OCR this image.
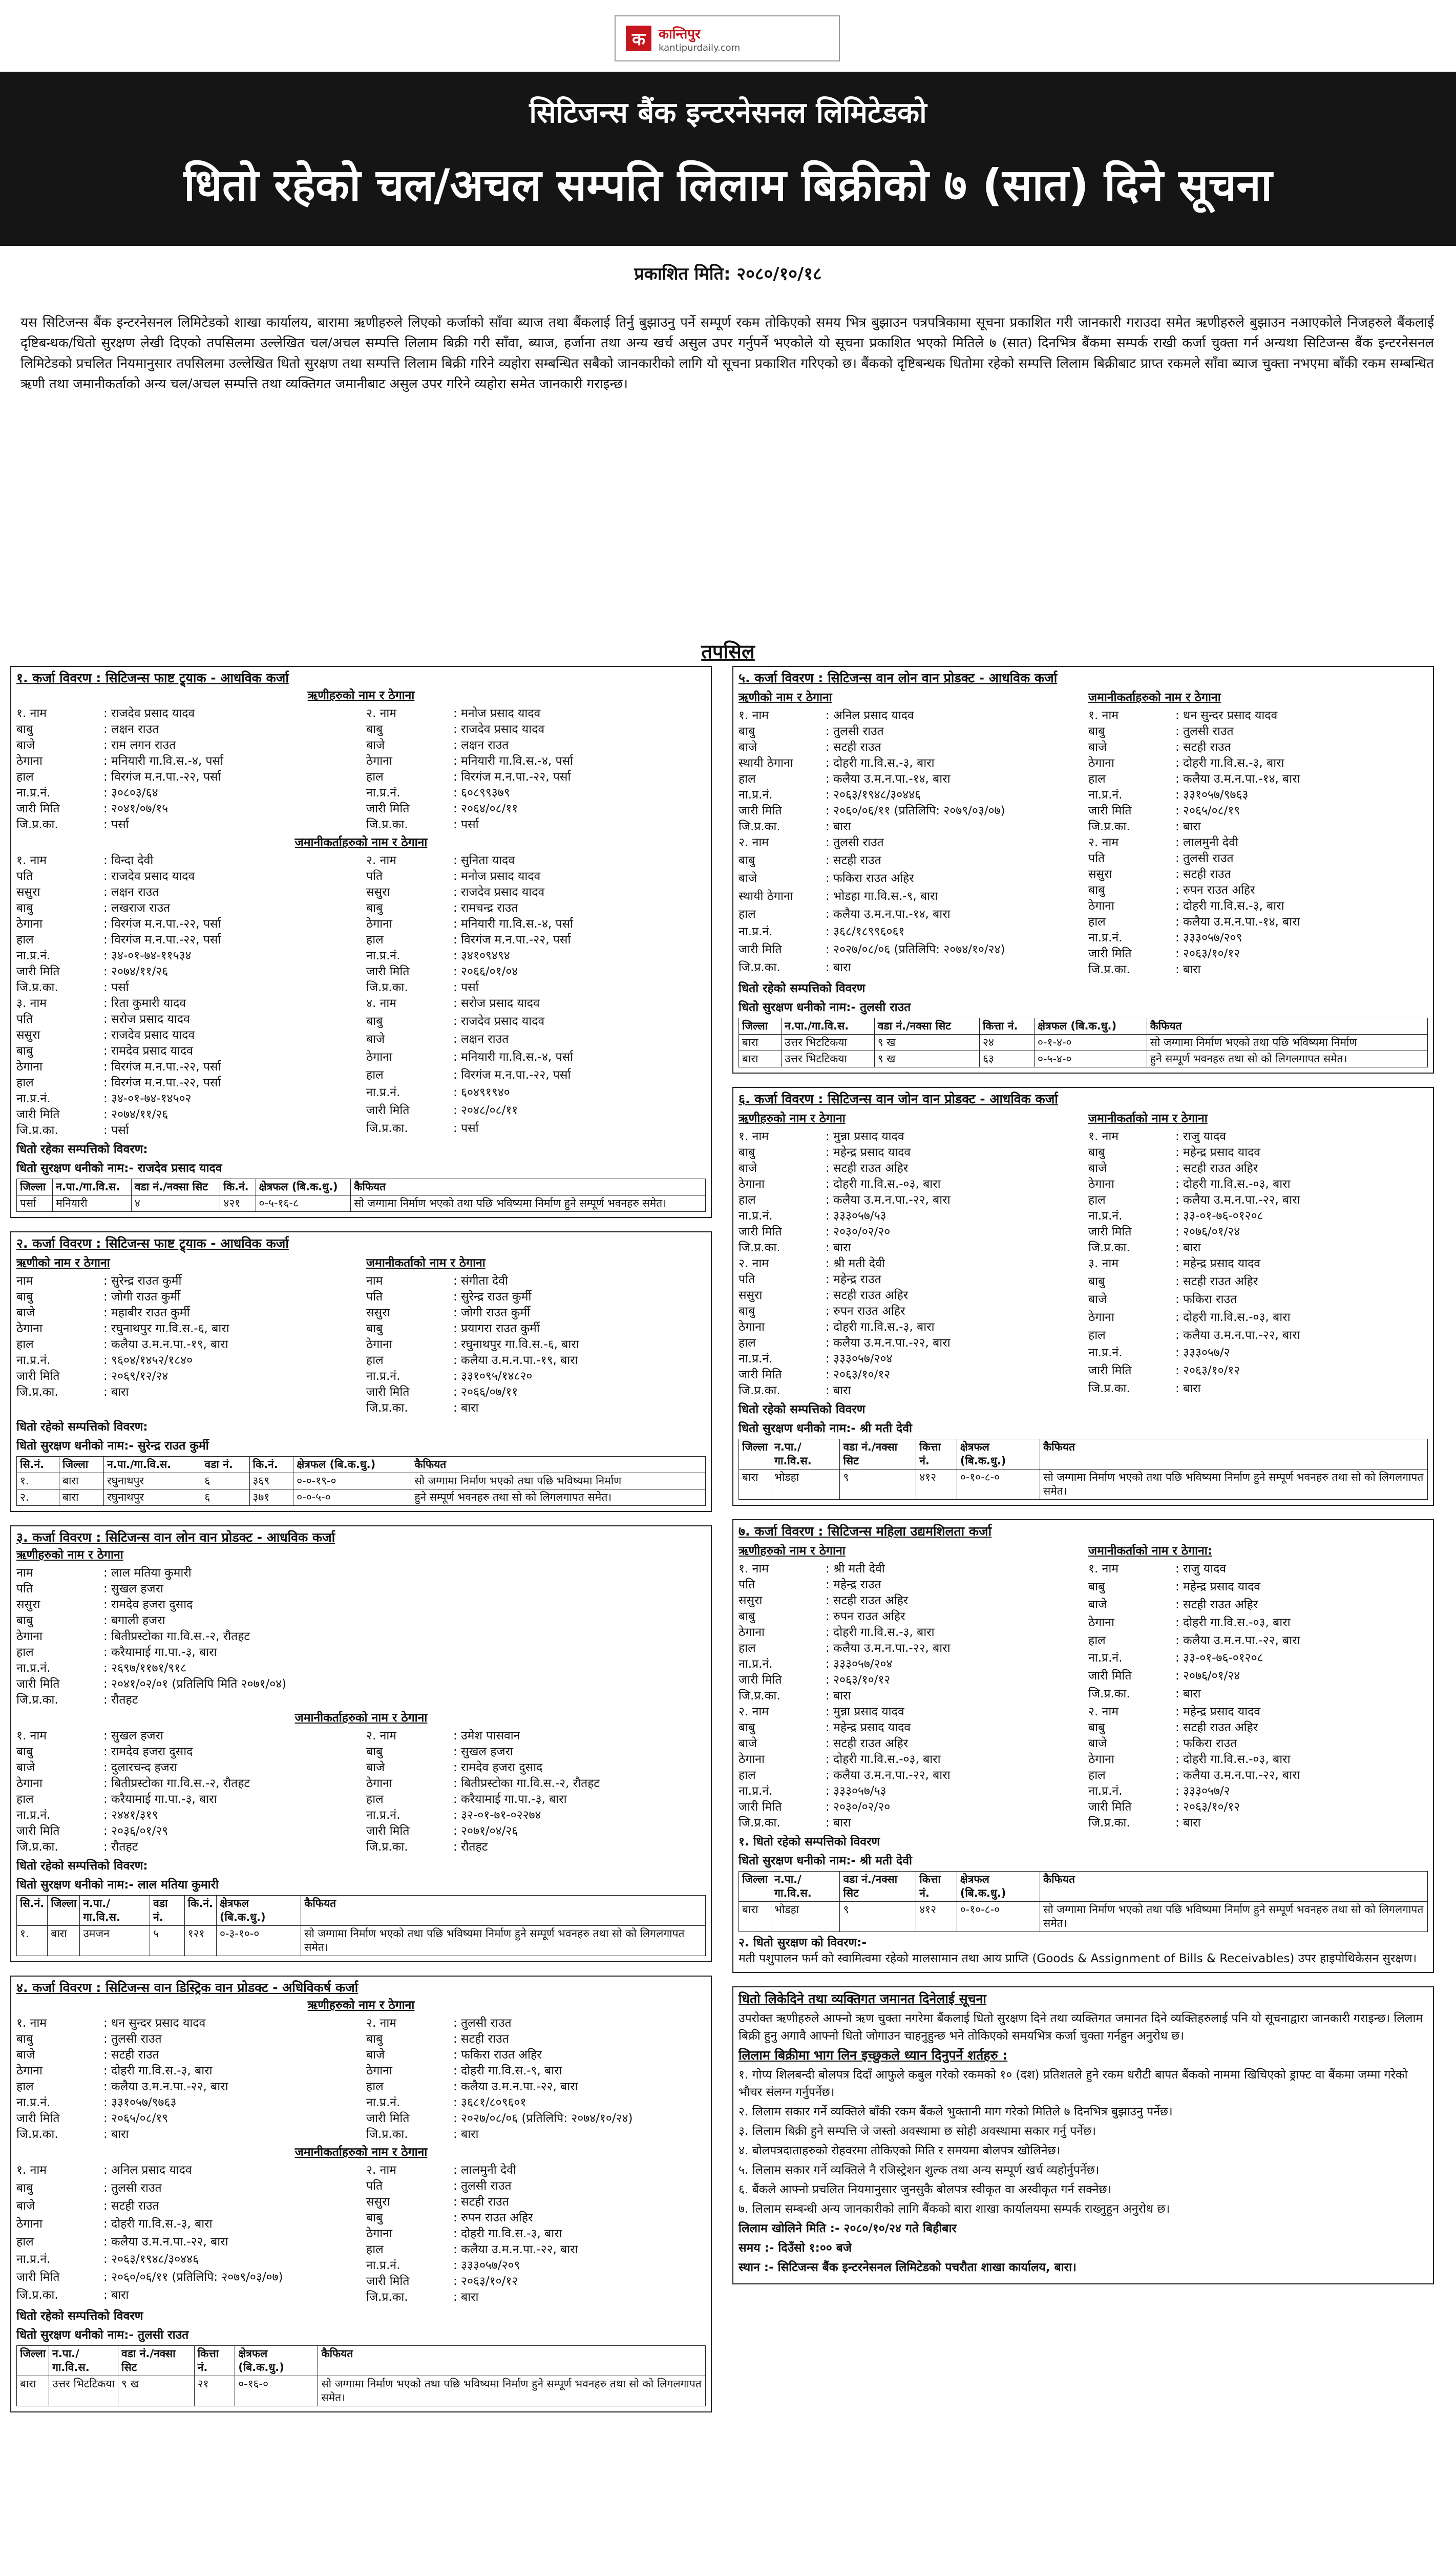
क कान्तिपुर
kantipurdaily.com
सिटिजन्स बैंक इन्टरनेसनल लिमिटेडको
धितो रहेको चल/अचल सम्पति लिलाम बिक्रीको ७ (सात) दिने सूचना
प्रकाशित मिति: २०८०/१०/१८
यस सिटिजन्स बैंक इन्टरनेसनल लिमिटेडको शाखा कार्यालय, बारामा ऋणीहरुले लिएको कर्जाको साँवा ब्याज तथा बैंकलाई तिर्नु बुझाउनु पर्ने सम्पूर्ण रकम तोकिएको समय भित्र बुझाउन पत्रपत्रिकामा सूचना प्रकाशित गरी जानकारी गराउदा समेत ऋणीहरुले बुझाउन नआएकोले निजहरुले बैंकलाई दृष्टिबन्धक/धितो सुरक्षण लेखी दिएको तपसिलमा उल्लेखित चल/अचल सम्पत्ति लिलाम बिक्री गरी साँवा, ब्याज, हर्जाना तथा अन्य खर्च असुल उपर गर्नुपर्ने भएकोले यो सूचना प्रकाशित भएको मितिले ७ (सात) दिनभित्र बैंकमा सम्पर्क राखी कर्जा चुक्ता गर्न अन्यथा सिटिजन्स बैंक इन्टरनेसनल लिमिटेडको प्रचलित नियमानुसार तपसिलमा उल्लेखित धितो सुरक्षण तथा सम्पत्ति लिलाम बिक्री गरिने व्यहोरा सम्बन्धित सबैको जानकारीको लागि यो सूचना प्रकाशित गरिएको छ। बैंकको दृष्टिबन्धक धितोमा रहेको सम्पत्ति लिलाम बिक्रीबाट प्राप्त रकमले साँवा ब्याज चुक्ता नभएमा बाँकी रकम सम्बन्धित ऋणी तथा जमानीकर्ताको अन्य चल/अचल सम्पत्ति तथा व्यक्तिगत जमानीबाट असुल उपर गरिने व्यहोरा समेत जानकारी गराइन्छ।
तपसिल
१. कर्जा विवरण : सिटिजन्स फाष्ट ट्र्याक - आधविक कर्जा
ऋणीहरुको नाम र ठेगाना
१. नाम	: राजदेव प्रसाद यादव
बाबु	: लक्षन राउत
बाजे	: राम लगन राउत
ठेगाना	: मनियारी गा.वि.स.-४, पर्सा
हाल	: विरगंज म.न.पा.-२२, पर्सा
ना.प्र.नं.	: ३०८०३/६४
जारी मिति	: २०४१/०७/१५
जि.प्र.का.	: पर्सा
२. नाम	: मनोज प्रसाद यादव
बाबु	: राजदेव प्रसाद यादव
बाजे	: लक्षन राउत
ठेगाना	: मनियारी गा.वि.स.-४, पर्सा
हाल	: विरगंज म.न.पा.-२२, पर्सा
ना.प्र.नं.	: ६०८९९३७९
जारी मिति	: २०६४/०८/११
जि.प्र.का.	: पर्सा
जमानीकर्ताहरुको नाम र ठेगाना
१. नाम	: विन्दा देवी
पति	: राजदेव प्रसाद यादव
ससुरा	: लक्षन राउत
बाबु	: लखराज राउत
ठेगाना	: विरगंज म.न.पा.-२२, पर्सा
हाल	: विरगंज म.न.पा.-२२, पर्सा
ना.प्र.नं.	: ३४-०१-७४-११५३४
जारी मिति	: २०७४/११/२६
जि.प्र.का.	: पर्सा
२. नाम	: सुनिता यादव
पति	: मनोज प्रसाद यादव
ससुरा	: राजदेव प्रसाद यादव
बाबु	: रामचन्द्र राउत
ठेगाना	: मनियारी गा.वि.स.-४, पर्सा
हाल	: विरगंज म.न.पा.-२२, पर्सा
ना.प्र.नं.	: ३४१०९४९४
जारी मिति	: २०६६/०१/०४
जि.प्र.का.	: पर्सा
३. नाम	: रिता कुमारी यादव
पति	: सरोज प्रसाद यादव
ससुरा	: राजदेव प्रसाद यादव
बाबु	: रामदेव प्रसाद यादव
ठेगाना	: विरगंज म.न.पा.-२२, पर्सा
हाल	: विरगंज म.न.पा.-२२, पर्सा
ना.प्र.नं.	: ३४-०१-७४-१४५०२
जारी मिति	: २०७४/११/२६
जि.प्र.का.	: पर्सा
४. नाम	: सरोज प्रसाद यादव
बाबु	: राजदेव प्रसाद यादव
बाजे	: लक्षन राउत
ठेगाना	: मनियारी गा.वि.स.-४, पर्सा
हाल	: विरगंज म.न.पा.-२२, पर्सा
ना.प्र.नं.	: ६०४९१९४०
जारी मिति	: २०४८/०८/११
जि.प्र.का.	: पर्सा
धितो रहेका सम्पत्तिको विवरण:
धितो सुरक्षण धनीको नाम:- राजदेव प्रसाद यादव
जिल्ला	न.पा./गा.वि.स.	वडा नं./नक्सा सिट	कि.नं.	क्षेत्रफल (बि.क.धु.)	कैफियत
पर्सा	मनियारी	४	४२१	०-५-१६-८	सो जग्गामा निर्माण भएको तथा पछि भविष्यमा निर्माण हुने सम्पूर्ण भवनहरु समेत।
२. कर्जा विवरण : सिटिजन्स फाष्ट ट्र्याक - आधविक कर्जा
ऋणीको नाम र ठेगाना
नाम	: सुरेन्द्र राउत कुर्मी
बाबु	: जोगी राउत कुर्मी
बाजे	: महाबीर राउत कुर्मी
ठेगाना	: रघुनाथपुर गा.वि.स.-६, बारा
हाल	: कलैया उ.म.न.पा.-१९, बारा
ना.प्र.नं.	: ९६०४/१४५२/१८४०
जारी मिति	: २०६९/१२/२४
जि.प्र.का.	: बारा
जमानीकर्ताको नाम र ठेगाना
नाम	: संगीता देवी
पति	: सुरेन्द्र राउत कुर्मी
ससुरा	: जोगी राउत कुर्मी
बाबु	: प्रयागरा राउत कुर्मी
ठेगाना	: रघुनाथपुर गा.वि.स.-६, बारा
हाल	: कलैया उ.म.न.पा.-१९, बारा
ना.प्र.नं.	: ३३१०९५/१४८२०
जारी मिति	: २०६६/०७/११
जि.प्र.का.	: बारा
धितो रहेको सम्पत्तिको विवरण:
धितो सुरक्षण धनीको नाम:- सुरेन्द्र राउत कुर्मी
सि.नं.	जिल्ला	न.पा./गा.वि.स.	वडा नं.	कि.नं.	क्षेत्रफल (बि.क.धु.)	कैफियत
१.	बारा	रघुनाथपुर	६	३६९	०-०-१९-०	सो जग्गामा निर्माण भएको तथा पछि भविष्यमा निर्माण
२.	बारा	रघुनाथपुर	६	३७१	०-०-५-०	हुने सम्पूर्ण भवनहरु तथा सो को लिगलगापत समेत।
३. कर्जा विवरण : सिटिजन्स वान लोन वान प्रोडक्ट - आधविक कर्जा
ऋणीहरुको नाम र ठेगाना
नाम	: लाल मतिया कुमारी
पति	: सुखल हजरा
ससुरा	: रामदेव हजरा दुसाद
बाबु	: बगाली हजरा
ठेगाना	: बितीप्रस्टोका गा.वि.स.-२, रौतहट
हाल	: करैयामाई गा.पा.-३, बारा
ना.प्र.नं.	: २६९७/११७१/९१८
जारी मिति	: २०४१/०२/०१ (प्रतिलिपि मिति २०७१/०४)
जि.प्र.का.	: रौतहट
जमानीकर्ताहरुको नाम र ठेगाना
१. नाम	: सुखल हजरा
बाबु	: रामदेव हजरा दुसाद
बाजे	: दुलारचन्द हजरा
ठेगाना	: बितीप्रस्टोका गा.वि.स.-२, रौतहट
हाल	: करैयामाई गा.पा.-३, बारा
ना.प्र.नं.	: २४४१/३१९
जारी मिति	: २०३६/०१/२९
जि.प्र.का.	: रौतहट
२. नाम	: उमेश पासवान
बाबु	: सुखल हजरा
बाजे	: रामदेव हजरा दुसाद
ठेगाना	: बितीप्रस्टोका गा.वि.स.-२, रौतहट
हाल	: करैयामाई गा.पा.-३, बारा
ना.प्र.नं.	: ३२-०१-७१-०२२७४
जारी मिति	: २०७१/०४/२६
जि.प्र.का.	: रौतहट
धितो रहेको सम्पत्तिको विवरण:
धितो सुरक्षण धनीको नाम:- लाल मतिया कुमारी
सि.नं.	जिल्ला	न.पा./गा.वि.स.	वडा नं.	कि.नं.	क्षेत्रफल (बि.क.धु.)	कैफियत
१.	बारा	उमजन	५	१२१	०-३-१०-०	सो जग्गामा निर्माण भएको तथा पछि भविष्यमा निर्माण हुने सम्पूर्ण भवनहरु तथा सो को लिगलगापत समेत।
४. कर्जा विवरण : सिटिजन्स वान डिस्ट्रिक वान प्रोडक्ट - अधिविकर्ष कर्जा
ऋणीहरुको नाम र ठेगाना
१. नाम	: धन सुन्दर प्रसाद यादव
बाबु	: तुलसी राउत
बाजे	: सटही राउत
ठेगाना	: दोहरी गा.वि.स.-३, बारा
हाल	: कलैया उ.म.न.पा.-२२, बारा
ना.प्र.नं.	: ३३१०५७/९७६३
जारी मिति	: २०६५/०८/१९
जि.प्र.का.	: बारा
२. नाम	: तुलसी राउत
बाबु	: सटही राउत
बाजे	: फकिरा राउत अहिर
ठेगाना	: दोहरी गा.वि.स.-९, बारा
हाल	: कलैया उ.म.न.पा.-२२, बारा
ना.प्र.नं.	: ३६८१/८०९६०१
जारी मिति	: २०२७/०८/०६ (प्रतिलिपि: २०७४/१०/२४)
जि.प्र.का.	: बारा
जमानीकर्ताहरुको नाम र ठेगाना
१. नाम	: अनिल प्रसाद यादव
बाबु	: तुलसी राउत
बाजे	: सटही राउत
ठेगाना	: दोहरी गा.वि.स.-३, बारा
हाल	: कलैया उ.म.न.पा.-२२, बारा
ना.प्र.नं.	: २०६३/१९४८/३०४४६
जारी मिति	: २०६०/०६/११ (प्रतिलिपि: २०७९/०३/०७)
जि.प्र.का.	: बारा
२. नाम	: लालमुनी देवी
पति	: तुलसी राउत
ससुरा	: सटही राउत
बाबु	: रुपन राउत अहिर
ठेगाना	: दोहरी गा.वि.स.-३, बारा
हाल	: कलैया उ.म.न.पा.-२२, बारा
ना.प्र.नं.	: ३३३०५७/२०९
जारी मिति	: २०६३/१०/१२
जि.प्र.का.	: बारा
धितो रहेको सम्पत्तिको विवरण
धितो सुरक्षण धनीको नाम:- तुलसी राउत
जिल्ला	न.पा./गा.वि.स.	वडा नं./नक्सा सिट	कित्ता नं.	क्षेत्रफल (बि.क.धु.)	कैफियत
बारा	उत्तर भिटटिकया	९ ख	२१	०-१६-०	सो जग्गामा निर्माण भएको तथा पछि भविष्यमा निर्माण हुने सम्पूर्ण भवनहरु तथा सो को लिगलगापत समेत।
५. कर्जा विवरण : सिटिजन्स वान लोन वान प्रोडक्ट - आधविक कर्जा
ऋणीको नाम र ठेगाना	जमानीकर्ताहरुको नाम र ठेगाना
१. नाम	: अनिल प्रसाद यादव
बाबु	: तुलसी राउत
बाजे	: सटही राउत
स्थायी ठेगाना	: दोहरी गा.वि.स.-३, बारा
हाल	: कलैया उ.म.न.पा.-१४, बारा
ना.प्र.नं.	: २०६३/१९४८/३०४४६
जारी मिति	: २०६०/०६/११ (प्रतिलिपि: २०७९/०३/०७)
जि.प्र.का.	: बारा
१. नाम	: धन सुन्दर प्रसाद यादव
बाबु	: तुलसी राउत
बाजे	: सटही राउत
ठेगाना	: दोहरी गा.वि.स.-३, बारा
हाल	: कलैया उ.म.न.पा.-१४, बारा
ना.प्र.नं.	: ३३१०५७/९७६३
जारी मिति	: २०६५/०८/१९
जि.प्र.का.	: बारा
२. नाम	: तुलसी राउत
बाबु	: सटही राउत
बाजे	: फकिरा राउत अहिर
स्थायी ठेगाना	: भोडहा गा.वि.स.-९, बारा
हाल	: कलैया उ.म.न.पा.-१४, बारा
ना.प्र.नं.	: ३६८/१८९९६०६१
जारी मिति	: २०२७/०८/०६ (प्रतिलिपि: २०७४/१०/२४)
जि.प्र.का.	: बारा
२. नाम	: लालमुनी देवी
पति	: तुलसी राउत
ससुरा	: सटही राउत
बाबु	: रुपन राउत अहिर
ठेगाना	: दोहरी गा.वि.स.-३, बारा
हाल	: कलैया उ.म.न.पा.-१४, बारा
ना.प्र.नं.	: ३३३०५७/२०९
जारी मिति	: २०६३/१०/१२
जि.प्र.का.	: बारा
धितो रहेको सम्पत्तिको विवरण
धितो सुरक्षण धनीको नाम:- तुलसी राउत
जिल्ला	न.पा./गा.वि.स.	वडा नं./नक्सा सिट	कित्ता नं.	क्षेत्रफल (बि.क.धु.)	कैफियत
बारा	उत्तर भिटटिकया	९ ख	२४	०-१-४-०	सो जग्गामा निर्माण भएको तथा पछि भविष्यमा निर्माण
बारा	उत्तर भिटटिकया	९ ख	६३	०-५-४-०	हुने सम्पूर्ण भवनहरु तथा सो को लिगलगापत समेत।
६. कर्जा विवरण : सिटिजन्स वान जोन वान प्रोडक्ट - आधविक कर्जा
ऋणीहरुको नाम र ठेगाना	जमानीकर्ताको नाम र ठेगाना
१. नाम	: मुन्ना प्रसाद यादव
बाबु	: महेन्द्र प्रसाद यादव
बाजे	: सटही राउत अहिर
ठेगाना	: दोहरी गा.वि.स.-०३, बारा
हाल	: कलैया उ.म.न.पा.-२२, बारा
ना.प्र.नं.	: ३३३०५७/५३
जारी मिति	: २०३०/०२/२०
जि.प्र.का.	: बारा
१. नाम	: राजु यादव
बाबु	: महेन्द्र प्रसाद यादव
बाजे	: सटही राउत अहिर
ठेगाना	: दोहरी गा.वि.स.-०३, बारा
हाल	: कलैया उ.म.न.पा.-२२, बारा
ना.प्र.नं.	: ३३-०१-७६-०१२०८
जारी मिति	: २०७६/०१/२४
जि.प्र.का.	: बारा
२. नाम	: श्री मती देवी
पति	: महेन्द्र राउत
ससुरा	: सटही राउत अहिर
बाबु	: रुपन राउत अहिर
ठेगाना	: दोहरी गा.वि.स.-३, बारा
हाल	: कलैया उ.म.न.पा.-२२, बारा
ना.प्र.नं.	: ३३३०५७/२०४
जारी मिति	: २०६३/१०/१२
जि.प्र.का.	: बारा
३. नाम	: महेन्द्र प्रसाद यादव
बाबु	: सटही राउत अहिर
बाजे	: फकिरा राउत
ठेगाना	: दोहरी गा.वि.स.-०३, बारा
हाल	: कलैया उ.म.न.पा.-२२, बारा
ना.प्र.नं.	: ३३३०५७/२
जारी मिति	: २०६३/१०/१२
जि.प्र.का.	: बारा
धितो रहेको सम्पत्तिको विवरण
धितो सुरक्षण धनीको नाम:- श्री मती देवी
जिल्ला	न.पा./गा.वि.स.	वडा नं./नक्सा सिट	कित्ता नं.	क्षेत्रफल (बि.क.धु.)	कैफियत
बारा	भोडहा	९	४१२	०-१०-८-०	सो जग्गामा निर्माण भएको तथा पछि भविष्यमा निर्माण हुने सम्पूर्ण भवनहरु तथा सो को लिगलगापत समेत।
७. कर्जा विवरण : सिटिजन्स महिला उद्यमशिलता कर्जा
ऋणीहरुको नाम र ठेगाना	जमानीकर्ताको नाम र ठेगाना:
१. नाम	: श्री मती देवी
पति	: महेन्द्र राउत
ससुरा	: सटही राउत अहिर
बाबु	: रुपन राउत अहिर
ठेगाना	: दोहरी गा.वि.स.-३, बारा
हाल	: कलैया उ.म.न.पा.-२२, बारा
ना.प्र.नं.	: ३३३०५७/२०४
जारी मिति	: २०६३/१०/१२
जि.प्र.का.	: बारा
१. नाम	: राजु यादव
बाबु	: महेन्द्र प्रसाद यादव
बाजे	: सटही राउत अहिर
ठेगाना	: दोहरी गा.वि.स.-०३, बारा
हाल	: कलैया उ.म.न.पा.-२२, बारा
ना.प्र.नं.	: ३३-०१-७६-०१२०८
जारी मिति	: २०७६/०१/२४
जि.प्र.का.	: बारा
२. नाम	: मुन्ना प्रसाद यादव
बाबु	: महेन्द्र प्रसाद यादव
बाजे	: सटही राउत अहिर
ठेगाना	: दोहरी गा.वि.स.-०३, बारा
हाल	: कलैया उ.म.न.पा.-२२, बारा
ना.प्र.नं.	: ३३३०५७/५३
जारी मिति	: २०३०/०२/२०
जि.प्र.का.	: बारा
२. नाम	: महेन्द्र प्रसाद यादव
बाबु	: सटही राउत अहिर
बाजे	: फकिरा राउत
ठेगाना	: दोहरी गा.वि.स.-०३, बारा
हाल	: कलैया उ.म.न.पा.-२२, बारा
ना.प्र.नं.	: ३३३०५७/२
जारी मिति	: २०६३/१०/१२
जि.प्र.का.	: बारा
१. धितो रहेको सम्पत्तिको विवरण
धितो सुरक्षण धनीको नाम:- श्री मती देवी
जिल्ला	न.पा./गा.वि.स.	वडा नं./नक्सा सिट	कित्ता नं.	क्षेत्रफल (बि.क.धु.)	कैफियत
बारा	भोडहा	९	४१२	०-१०-८-०	सो जग्गामा निर्माण भएको तथा पछि भविष्यमा निर्माण हुने सम्पूर्ण भवनहरु तथा सो को लिगलगापत समेत।
२. धितो सुरक्षण को विवरण:-
मती पशुपालन फर्म को स्वामित्वमा रहेको मालसामान तथा आय प्राप्ति (Goods & Assignment of Bills & Receivables) उपर हाइपोथिकेसन सुरक्षण।
धितो लिकेदिने तथा व्यक्तिगत जमानत दिनेलाई सूचना

उपरोक्त ऋणीहरुले आफ्नो ऋण चुक्ता नगरेमा बैंकलाई धितो सुरक्षण दिने तथा व्यक्तिगत जमानत दिने व्यक्तिहरुलाई पनि यो सूचनाद्वारा जानकारी गराइन्छ। लिलाम बिक्री हुनु अगावै आफ्नो धितो जोगाउन चाहनुहुन्छ भने तोकिएको समयभित्र कर्जा चुक्ता गर्नहुन अनुरोध छ।

लिलाम बिक्रीमा भाग लिन इच्छुकले ध्यान दिनुपर्ने शर्तहरु :

१. गोप्य शिलबन्दी बोलपत्र दिदाँ आफुले कबुल गरेको रकमको १० (दश) प्रतिशतले हुने रकम धरौटी बापत बैंकको नाममा खिचिएको ड्राफ्ट वा बैंकमा जम्मा गरेको भौचर संलग्न गर्नुपर्नेछ।

२. लिलाम सकार गर्ने व्यक्तिले बाँकी रकम बैंकले भुक्तानी माग गरेको मितिले ७ दिनभित्र बुझाउनु पर्नेछ।

३. लिलाम बिक्री हुने सम्पत्ति जे जस्तो अवस्थामा छ सोही अवस्थामा सकार गर्नु पर्नेछ।

४. बोलपत्रदाताहरुको रोहवरमा तोकिएको मिति र समयमा बोलपत्र खोलिनेछ।

५. लिलाम सकार गर्ने व्यक्तिले नै रजिस्ट्रेशन शुल्क तथा अन्य सम्पूर्ण खर्च व्यहोर्नुपर्नेछ।

६. बैंकले आफ्नो प्रचलित नियमानुसार जुनसुकै बोलपत्र स्वीकृत वा अस्वीकृत गर्न सक्नेछ।

७. लिलाम सम्बन्धी अन्य जानकारीको लागि बैंकको बारा शाखा कार्यालयमा सम्पर्क राख्नुहुन अनुरोध छ।

लिलाम खोलिने मिति :- २०८०/१०/२४ गते बिहीबार

समय :- दिउँसो १:०० बजे

स्थान :- सिटिजन्स बैंक इन्टरनेसनल लिमिटेडको पचरौता शाखा कार्यालय, बारा।
